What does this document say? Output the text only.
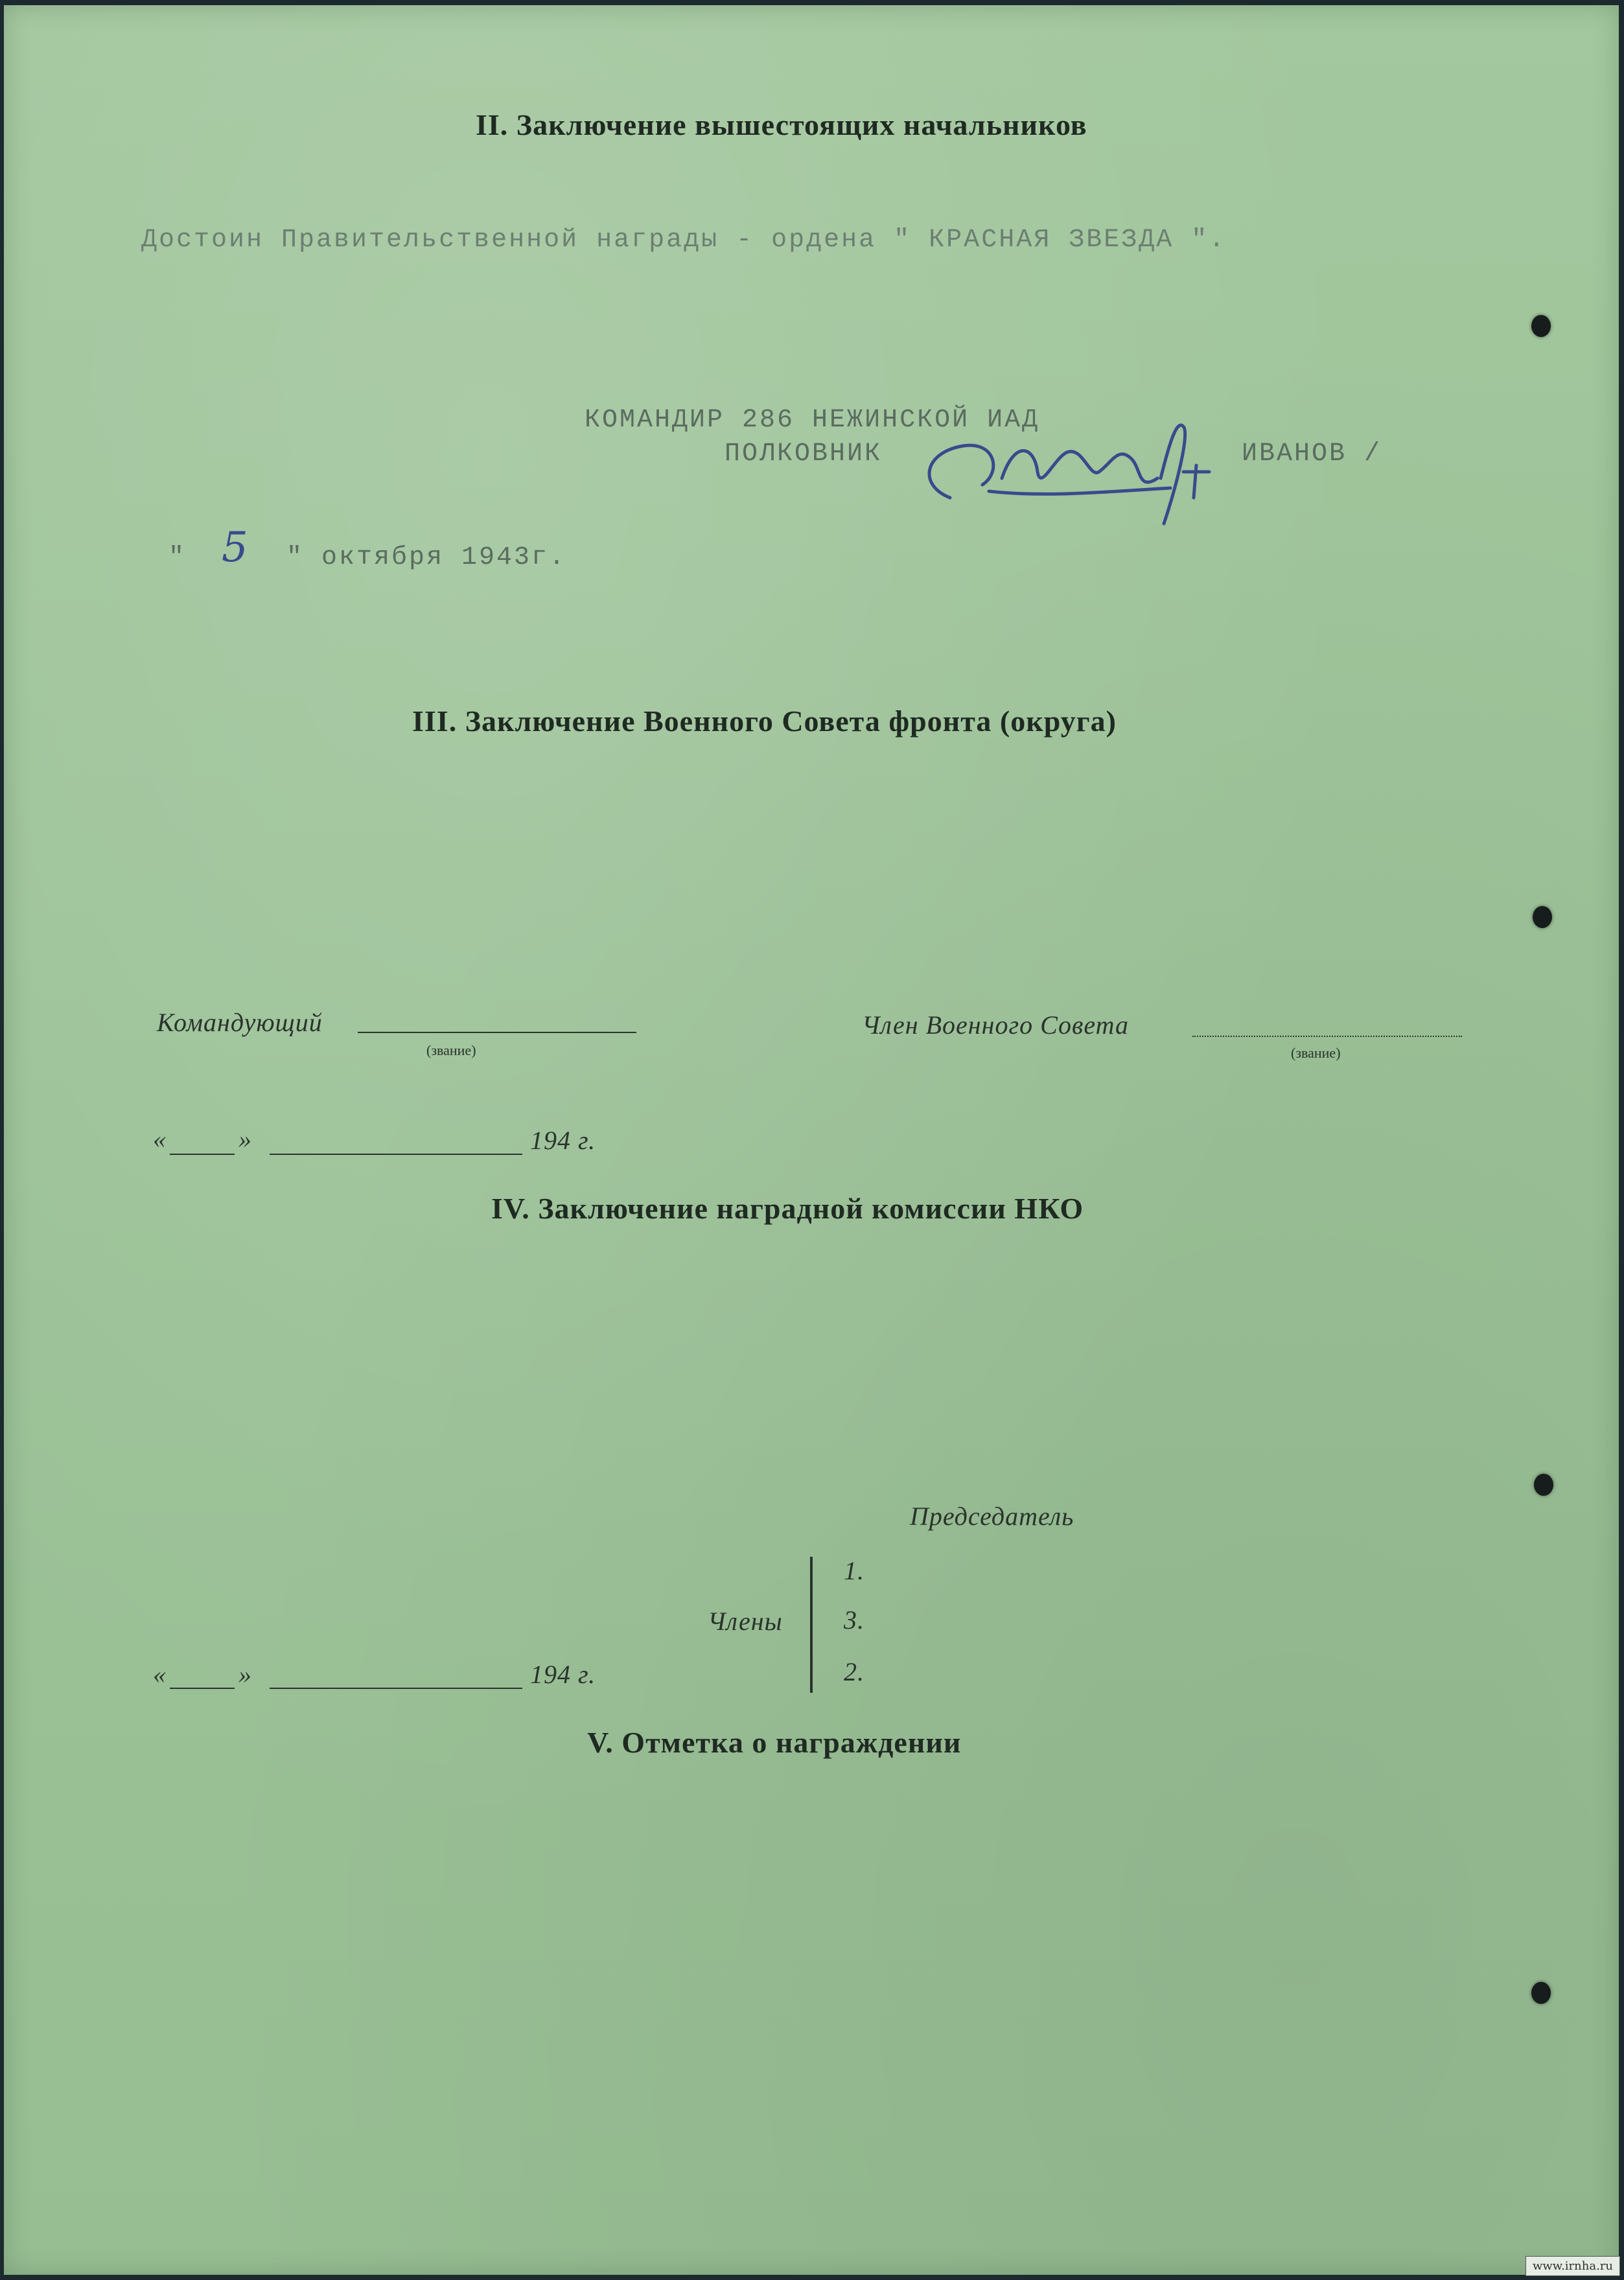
II. Заключение вышестоящих начальников
Достоин Правительственной награды - ордена " КРАСНАЯ ЗВЕЗДА ".
КОМАНДИР 286 НЕЖИНСКОЙ ИАД
ПОЛКОВНИК	ИВАНОВ /
" 5 " октября 1943г.
III. Заключение Военного Совета фронта (округа)
Командующий
(звание)
Член Военного Совета
(звание)
«	»	194 г.
IV. Заключение наградной комиссии НКО
Председатель
Члены
1.
3.
2.
«	»	194 г.
V. Отметка о награждении
www.irnha.ru
